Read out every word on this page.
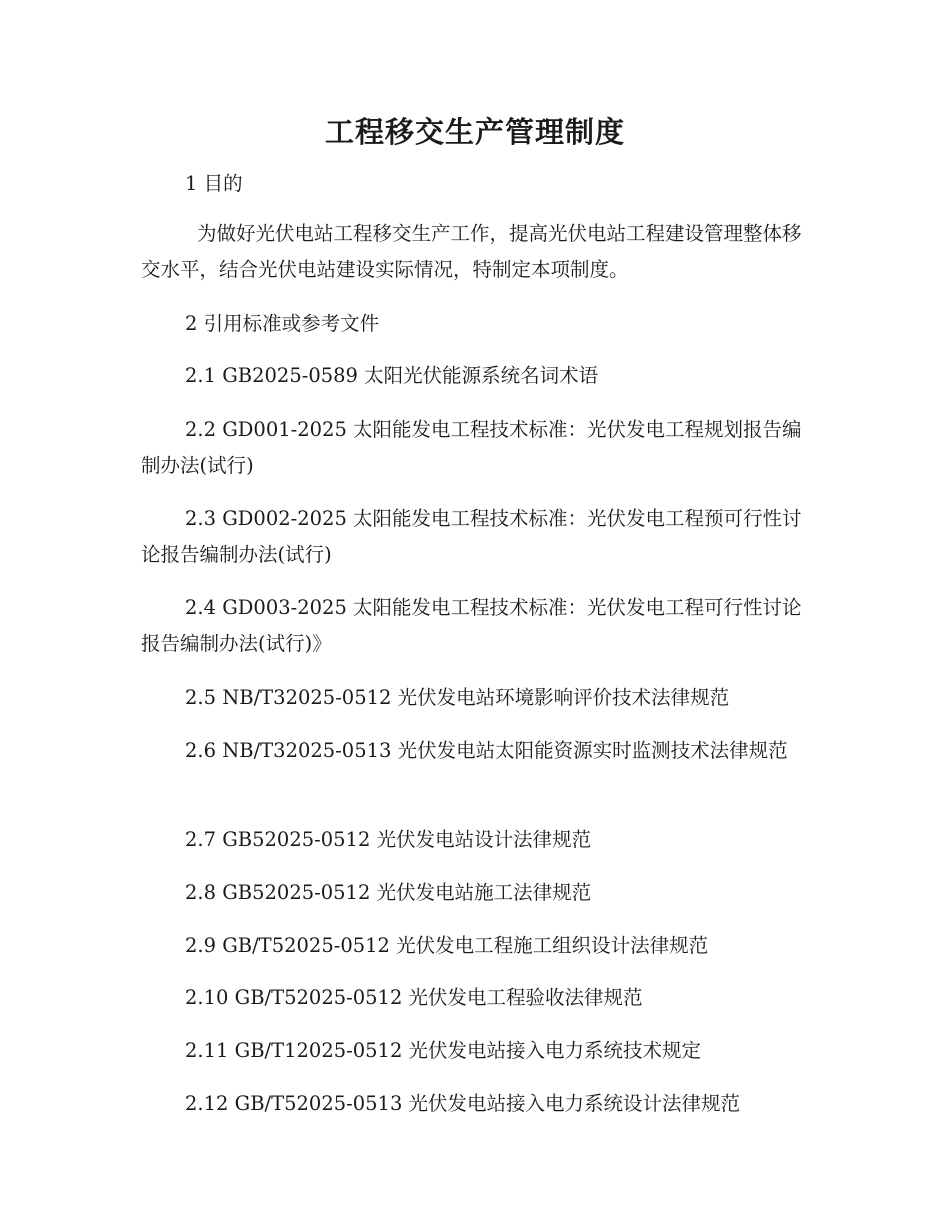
工程移交生产管理制度
1 目的
为做好光伏电站工程移交生产工作，提高光伏电站工程建设管理整体移交水平，结合光伏电站建设实际情况，特制定本项制度。
2 引用标准或参考文件
2.1 GB2025-0589 太阳光伏能源系统名词术语
2.2 GD001-2025 太阳能发电工程技术标准：光伏发电工程规划报告编制办法(试行)
2.3 GD002-2025 太阳能发电工程技术标准：光伏发电工程预可行性讨论报告编制办法(试行)
2.4 GD003-2025 太阳能发电工程技术标准：光伏发电工程可行性讨论报告编制办法(试行)》
2.5 NB/T32025-0512 光伏发电站环境影响评价技术法律规范
2.6 NB/T32025-0513 光伏发电站太阳能资源实时监测技术法律规范
2.7 GB52025-0512 光伏发电站设计法律规范
2.8 GB52025-0512 光伏发电站施工法律规范
2.9 GB/T52025-0512 光伏发电工程施工组织设计法律规范
2.10 GB/T52025-0512 光伏发电工程验收法律规范
2.11 GB/T12025-0512 光伏发电站接入电力系统技术规定
2.12 GB/T52025-0513 光伏发电站接入电力系统设计法律规范
